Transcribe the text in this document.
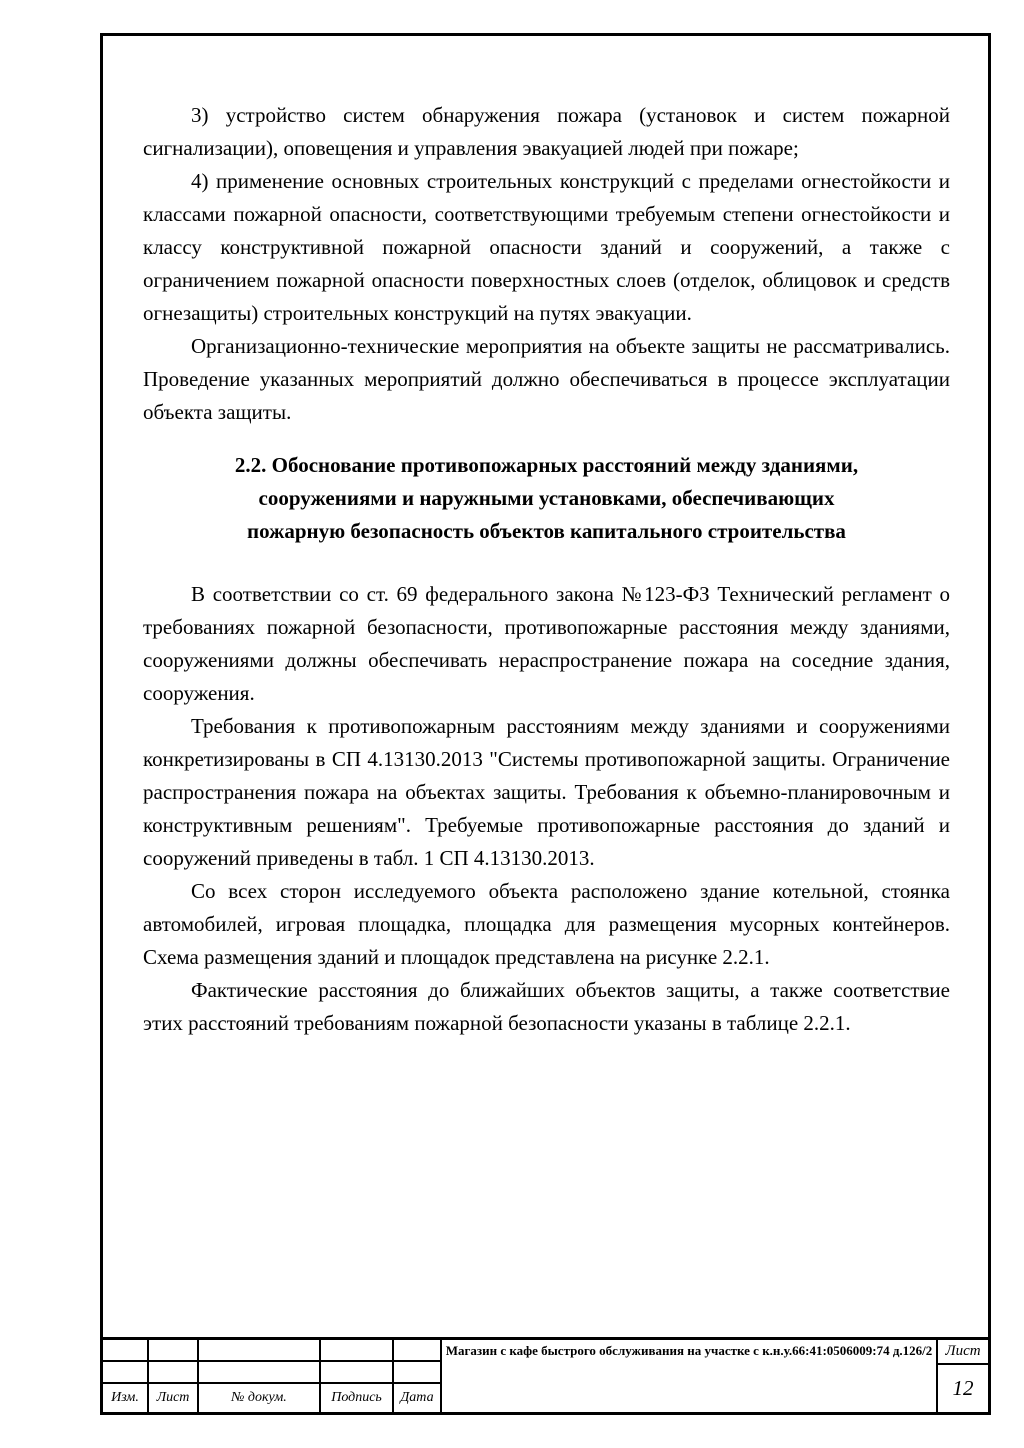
3) устройство систем обнаружения пожара (установок и систем пожарной сигнализации), оповещения и управления эвакуацией людей при пожаре;

4) применение основных строительных конструкций с пределами огнестойкости и классами пожарной опасности, соответствующими требуемым степени огнестойкости и классу конструктивной пожарной опасности зданий и сооружений, а также с ограничением пожарной опасности поверхностных слоев (отделок, облицовок и средств огнезащиты) строительных конструкций на путях эвакуации.

Организационно-технические мероприятия на объекте защиты не рассматривались. Проведение указанных мероприятий должно обеспечиваться в процессе эксплуатации объекта защиты.

2.2. Обоснование противопожарных расстояний между зданиями,
сооружениями и наружными установками, обеспечивающих
пожарную безопасность объектов капитального строительства

В соответствии со ст. 69 федерального закона №123-ФЗ Технический регламент о требованиях пожарной безопасности, противопожарные расстояния между зданиями, сооружениями должны обеспечивать нераспространение пожара на соседние здания, сооружения.

Требования к противопожарным расстояниям между зданиями и сооружениями конкретизированы в СП 4.13130.2013 "Системы противопожарной защиты. Ограничение распространения пожара на объектах защиты. Требования к объемно-планировочным и конструктивным решениям". Требуемые противопожарные расстояния до зданий и сооружений приведены в табл. 1 СП 4.13130.2013.

Со всех сторон исследуемого объекта расположено здание котельной, стоянка автомобилей, игровая площадка, площадка для размещения мусорных контейнеров. Схема размещения зданий и площадок представлена на рисунке 2.2.1.

Фактические расстояния до ближайших объектов защиты, а также соответствие этих расстояний требованиям пожарной безопасности указаны в таблице 2.2.1.

Изм.	Лист	№ докум.	Подпись	Дата
Магазин с кафе быстрого обслуживания на участке с к.н.у.66:41:0506009:74 д.126/2 Лист
12
